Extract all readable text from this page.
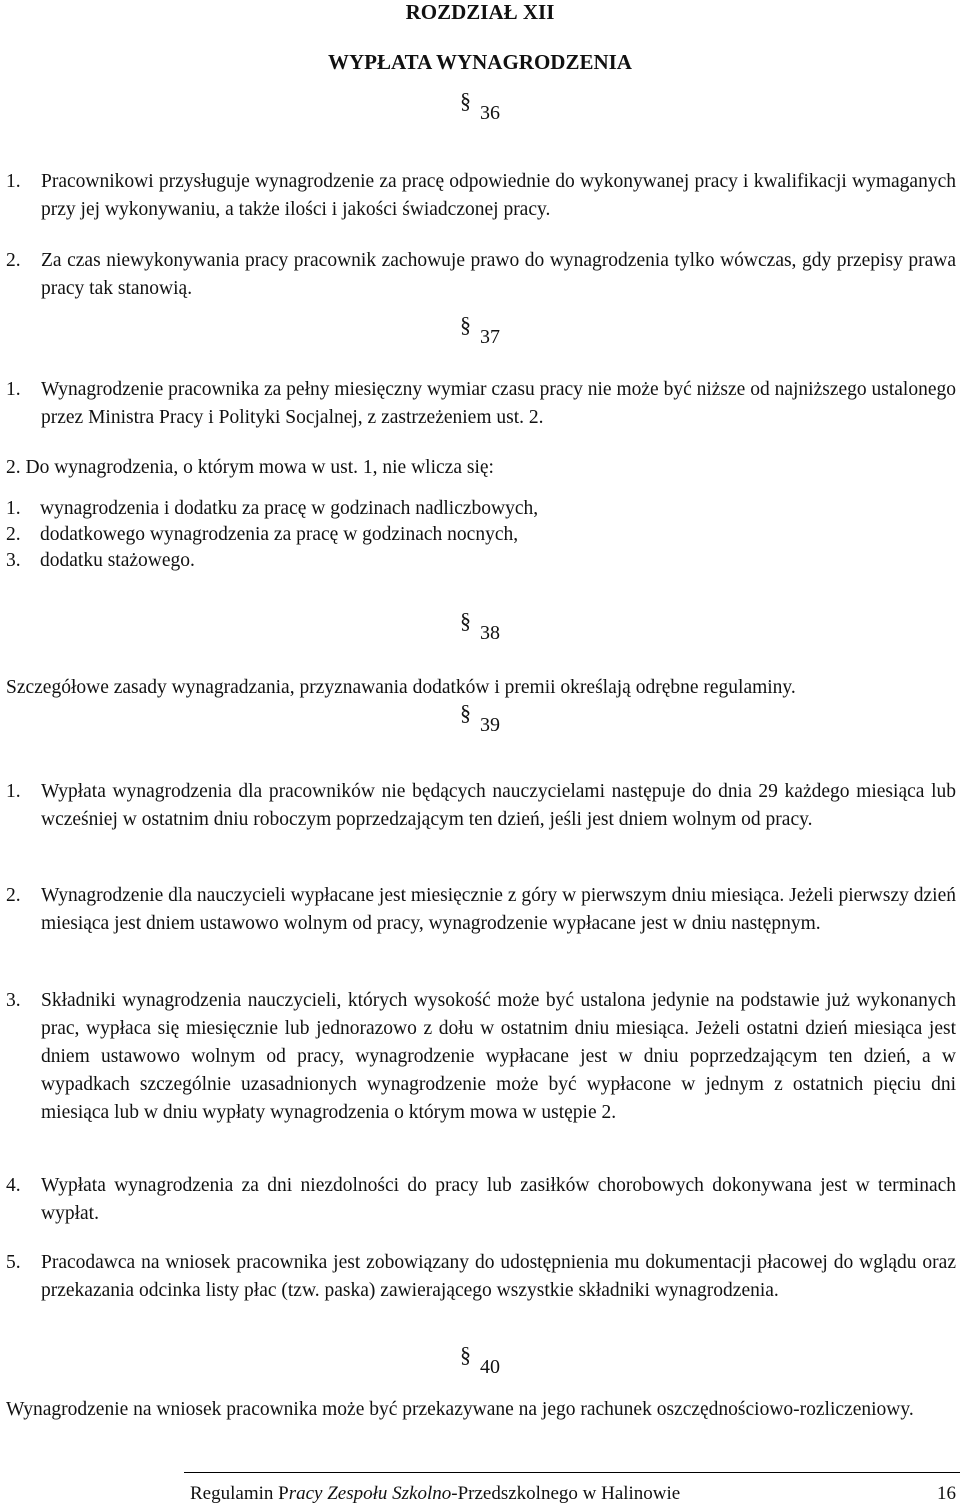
ROZDZIAŁ XII
WYPŁATA WYNAGRODZENIA
§ 36
1.	Pracownikowi przysługuje wynagrodzenie za pracę odpowiednie do wykonywanej pracy i kwalifikacji wymaganych przy jej wykonywaniu, a także ilości i jakości świadczonej pracy.
2.	Za czas niewykonywania pracy pracownik zachowuje prawo do wynagrodzenia tylko wówczas, gdy przepisy prawa pracy tak stanowią.
§ 37
1.	Wynagrodzenie pracownika za pełny miesięczny wymiar czasu pracy nie może być niższe od najniższego ustalonego przez Ministra Pracy i Polityki Socjalnej, z zastrzeżeniem ust. 2.
2. Do wynagrodzenia, o którym mowa w ust. 1, nie wlicza się:
1. wynagrodzenia i dodatku za pracę w godzinach nadliczbowych,
2. dodatkowego wynagrodzenia za pracę w godzinach nocnych,
3. dodatku stażowego.
§ 38
Szczegółowe zasady wynagradzania, przyznawania dodatków i premii określają odrębne regulaminy.
§ 39
1.	Wypłata wynagrodzenia dla pracowników nie będących nauczycielami następuje do dnia 29 każdego miesiąca lub wcześniej w ostatnim dniu roboczym poprzedzającym ten dzień, jeśli jest dniem wolnym od pracy.
2.	Wynagrodzenie dla nauczycieli wypłacane jest miesięcznie z góry w pierwszym dniu miesiąca. Jeżeli pierwszy dzień miesiąca jest dniem ustawowo wolnym od pracy, wynagrodzenie wypłacane jest w dniu następnym.
3.	Składniki wynagrodzenia nauczycieli, których wysokość może być ustalona jedynie na podstawie już wykonanych prac, wypłaca się miesięcznie lub jednorazowo z dołu w ostatnim dniu miesiąca. Jeżeli ostatni dzień miesiąca jest dniem ustawowo wolnym od pracy, wynagrodzenie wypłacane jest w dniu poprzedzającym ten dzień, a w wypadkach szczególnie uzasadnionych wynagrodzenie może być wypłacone w jednym z ostatnich pięciu dni miesiąca lub w dniu wypłaty wynagrodzenia o którym mowa w ustępie 2.
4.	Wypłata wynagrodzenia za dni niezdolności do pracy lub zasiłków chorobowych dokonywana jest w terminach wypłat.
5.	Pracodawca na wniosek pracownika jest zobowiązany do udostępnienia mu dokumentacji płacowej do wglądu oraz przekazania odcinka listy płac (tzw. paska) zawierającego wszystkie składniki wynagrodzenia.
§ 40
Wynagrodzenie na wniosek pracownika może być przekazywane na jego rachunek oszczędnościowo-rozliczeniowy.
Regulamin Pracy Zespołu Szkolno-Przedszkolnego w Halinowie	16
